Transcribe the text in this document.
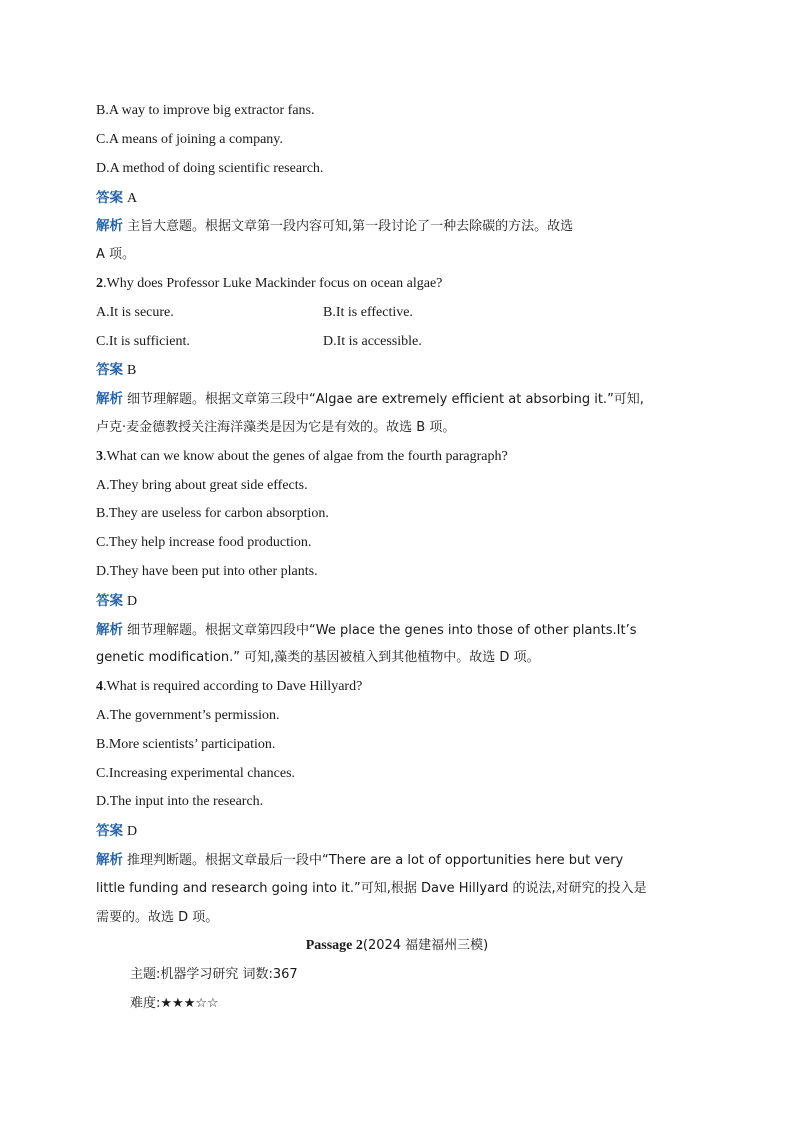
B.A way to improve big extractor fans.
C.A means of joining a company.
D.A method of doing scientific research.
答案 A
解析 主旨大意题。根据文章第一段内容可知,第一段讨论了一种去除碳的方法。故选
A 项。
2.Why does Professor Luke Mackinder focus on ocean algae?
A.It is secure.	B.It is effective.
C.It is sufficient.	D.It is accessible.
答案 B
解析 细节理解题。根据文章第三段中“Algae are extremely efficient at absorbing it.”可知,
卢克·麦金德教授关注海洋藻类是因为它是有效的。故选 B 项。
3.What can we know about the genes of algae from the fourth paragraph?
A.They bring about great side effects.
B.They are useless for carbon absorption.
C.They help increase food production.
D.They have been put into other plants.
答案 D
解析 细节理解题。根据文章第四段中“We place the genes into those of other plants.It’s
genetic modification.” 可知,藻类的基因被植入到其他植物中。故选 D 项。
4.What is required according to Dave Hillyard?
A.The government’s permission.
B.More scientists’ participation.
C.Increasing experimental chances.
D.The input into the research.
答案 D
解析 推理判断题。根据文章最后一段中“There are a lot of opportunities here but very
little funding and research going into it.”可知,根据 Dave Hillyard 的说法,对研究的投入是
需要的。故选 D 项。
Passage 2(2024 福建福州三模)
主题:机器学习研究 词数:367
难度:★★★☆☆
